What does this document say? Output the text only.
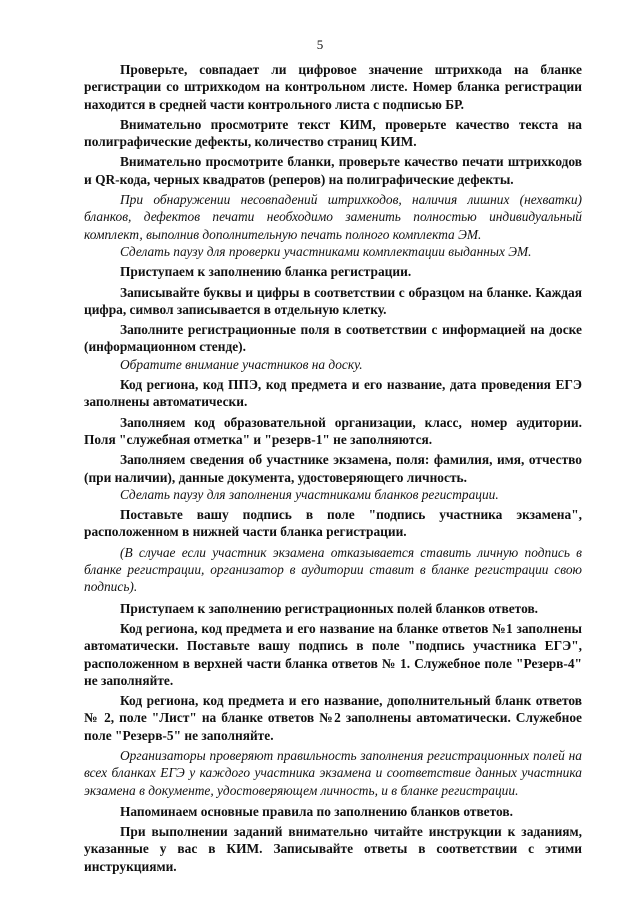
5

Проверьте, совпадает ли цифровое значение штрихкода на бланке регистрации со штрихкодом на контрольном листе. Номер бланка регистрации находится в средней части контрольного листа с подписью БР.

Внимательно просмотрите текст КИМ, проверьте качество текста на полиграфические дефекты, количество страниц КИМ.

Внимательно просмотрите бланки, проверьте качество печати штрихкодов и QR-кода, черных квадратов (реперов) на полиграфические дефекты.

При обнаружении несовпадений штрихкодов, наличия лишних (нехватки) бланков, дефектов печати необходимо заменить полностью индивидуальный комплект, выполнив дополнительную печать полного комплекта ЭМ.

Сделать паузу для проверки участниками комплектации выданных ЭМ.

Приступаем к заполнению бланка регистрации.

Записывайте буквы и цифры в соответствии с образцом на бланке. Каждая цифра, символ записывается в отдельную клетку.

Заполните регистрационные поля в соответствии с информацией на доске (информационном стенде).

Обратите внимание участников на доску.

Код региона, код ППЭ, код предмета и его название, дата проведения ЕГЭ заполнены автоматически.

Заполняем код образовательной организации, класс, номер аудитории. Поля "служебная отметка" и "резерв-1" не заполняются.

Заполняем сведения об участнике экзамена, поля: фамилия, имя, отчество (при наличии), данные документа, удостоверяющего личность.

Сделать паузу для заполнения участниками бланков регистрации.

Поставьте вашу подпись в поле "подпись участника экзамена", расположенном в нижней части бланка регистрации.

(В случае если участник экзамена отказывается ставить личную подпись в бланке регистрации, организатор в аудитории ставит в бланке регистрации свою подпись).

Приступаем к заполнению регистрационных полей бланков ответов.

Код региона, код предмета и его название на бланке ответов №1 заполнены автоматически. Поставьте вашу подпись в поле "подпись участника ЕГЭ", расположенном в верхней части бланка ответов № 1. Служебное поле "Резерв-4" не заполняйте.

Код региона, код предмета и его название, дополнительный бланк ответов № 2, поле "Лист" на бланке ответов №2 заполнены автоматически. Служебное поле "Резерв-5" не заполняйте.

Организаторы проверяют правильность заполнения регистрационных полей на всех бланках ЕГЭ у каждого участника экзамена и соответствие данных участника экзамена в документе, удостоверяющем личность, и в бланке регистрации.

Напоминаем основные правила по заполнению бланков ответов.

При выполнении заданий внимательно читайте инструкции к заданиям, указанные у вас в КИМ. Записывайте ответы в соответствии с этими инструкциями.
